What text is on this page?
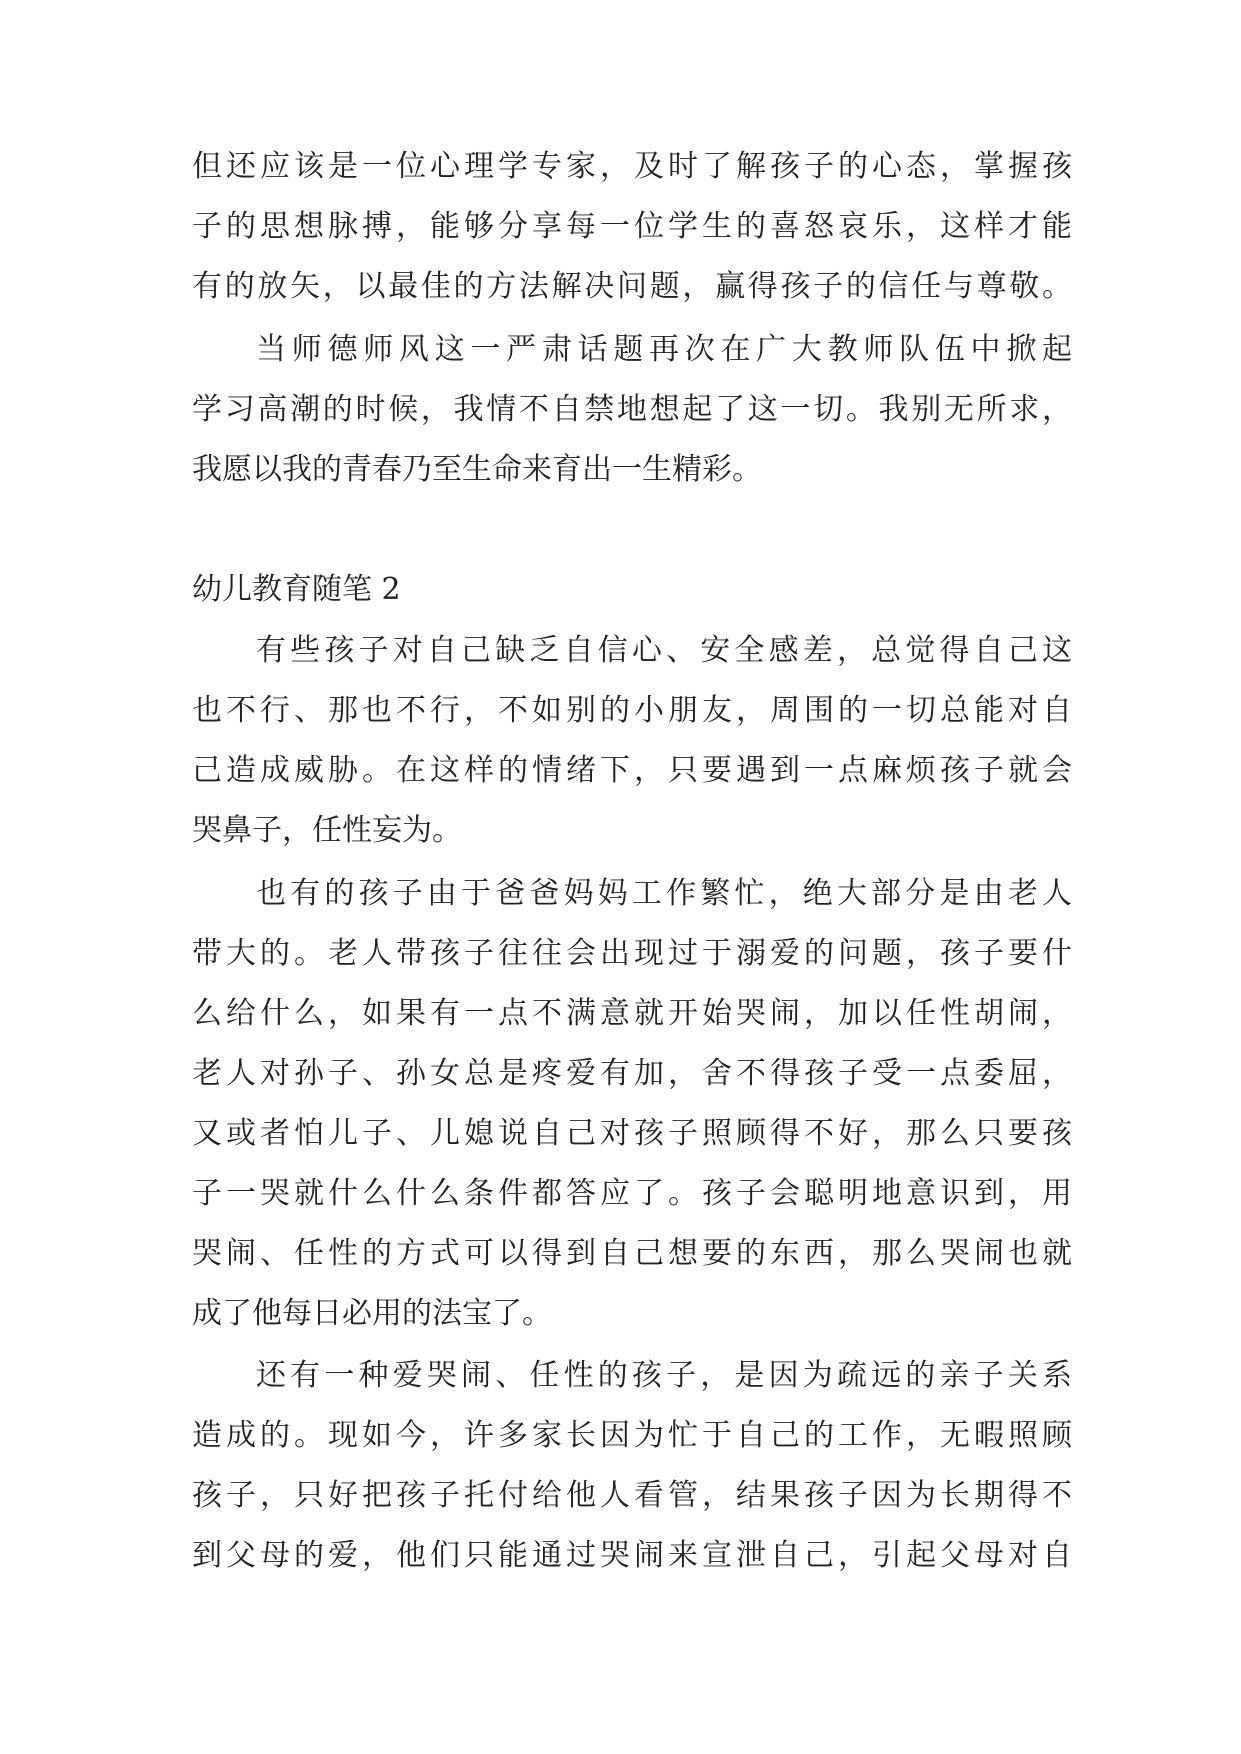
但还应该是一位心理学专家，及时了解孩子的心态，掌握孩
子的思想脉搏，能够分享每一位学生的喜怒哀乐，这样才能
有的放矢，以最佳的方法解决问题，赢得孩子的信任与尊敬。
当师德师风这一严肃话题再次在广大教师队伍中掀起
学习高潮的时候，我情不自禁地想起了这一切。我别无所求，
我愿以我的青春乃至生命来育出一生精彩。
幼儿教育随笔 2
有些孩子对自己缺乏自信心、安全感差，总觉得自己这
也不行、那也不行，不如别的小朋友，周围的一切总能对自
己造成威胁。在这样的情绪下，只要遇到一点麻烦孩子就会
哭鼻子，任性妄为。
也有的孩子由于爸爸妈妈工作繁忙，绝大部分是由老人
带大的。老人带孩子往往会出现过于溺爱的问题，孩子要什
么给什么，如果有一点不满意就开始哭闹，加以任性胡闹，
老人对孙子、孙女总是疼爱有加，舍不得孩子受一点委屈，
又或者怕儿子、儿媳说自己对孩子照顾得不好，那么只要孩
子一哭就什么什么条件都答应了。孩子会聪明地意识到，用
哭闹、任性的方式可以得到自己想要的东西，那么哭闹也就
成了他每日必用的法宝了。
还有一种爱哭闹、任性的孩子，是因为疏远的亲子关系
造成的。现如今，许多家长因为忙于自己的工作，无暇照顾
孩子，只好把孩子托付给他人看管，结果孩子因为长期得不
到父母的爱，他们只能通过哭闹来宣泄自己，引起父母对自
